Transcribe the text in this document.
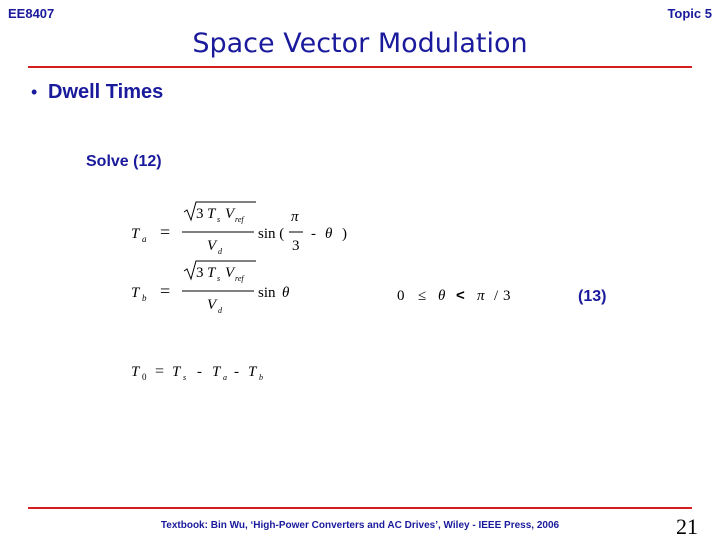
EE8407	Topic 5
Space Vector Modulation
• Dwell Times
Solve (12)
T a =
3 T s V ref
V d
sin (
π
3
- θ )
T b =
3 T s V ref
V d
sin θ
T 0 = T s - T a - T b
0 ≤ θ < π / 3	(13)
Textbook: Bin Wu, ‘High-Power Converters and AC Drives’, Wiley - IEEE Press, 2006	21
